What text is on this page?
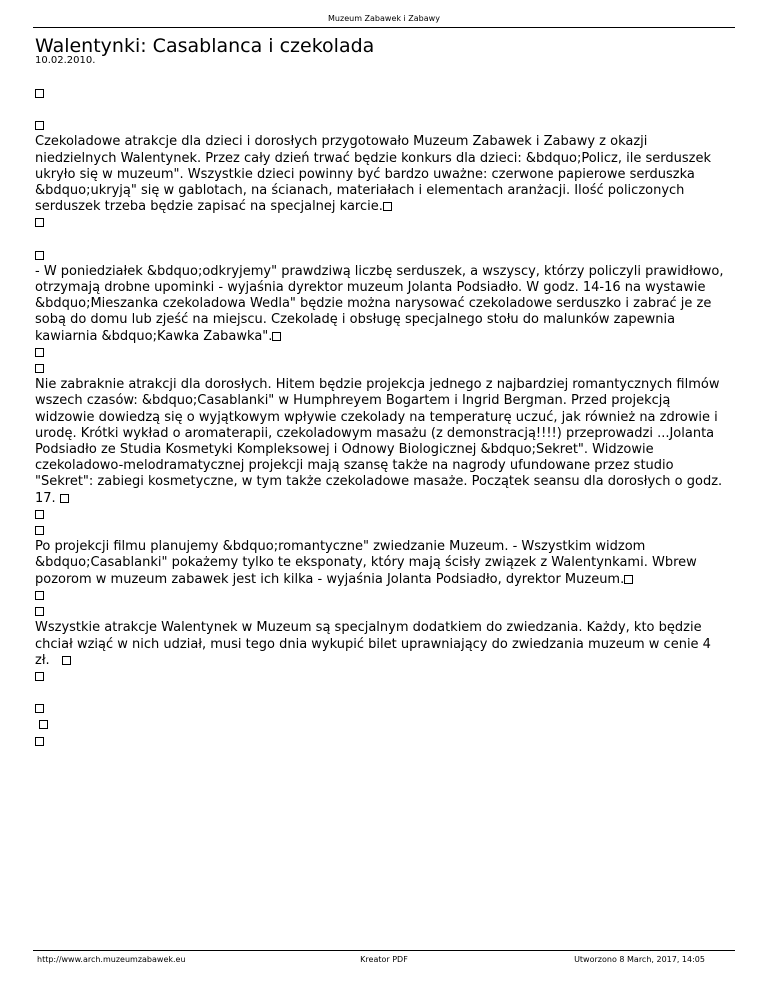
Muzeum Zabawek i Zabawy
Walentynki: Casablanca i czekolada
10.02.2010.
Czekoladowe atrakcje dla dzieci i dorosłych przygotowało Muzeum Zabawek i Zabawy z okazji
niedzielnych Walentynek. Przez cały dzień trwać będzie konkurs dla dzieci: &bdquo;Policz, ile serduszek
ukryło się w muzeum". Wszystkie dzieci powinny być bardzo uważne: czerwone papierowe serduszka
&bdquo;ukryją" się w gablotach, na ścianach, materiałach i elementach aranżacji. Ilość policzonych
serduszek trzeba będzie zapisać na specjalnej karcie.
- W poniedziałek &bdquo;odkryjemy" prawdziwą liczbę serduszek, a wszyscy, którzy policzyli prawidłowo,
otrzymają drobne upominki - wyjaśnia dyrektor muzeum Jolanta Podsiadło. W godz. 14-16 na wystawie
&bdquo;Mieszanka czekoladowa Wedla" będzie można narysować czekoladowe serduszko i zabrać je ze
sobą do domu lub zjeść na miejscu. Czekoladę i obsługę specjalnego stołu do malunków zapewnia
kawiarnia &bdquo;Kawka Zabawka".
Nie zabraknie atrakcji dla dorosłych. Hitem będzie projekcja jednego z najbardziej romantycznych filmów
wszech czasów: &bdquo;Casablanki" w Humphreyem Bogartem i Ingrid Bergman. Przed projekcją
widzowie dowiedzą się o wyjątkowym wpływie czekolady na temperaturę uczuć, jak również na zdrowie i
urodę. Krótki wykład o aromaterapii, czekoladowym masażu (z demonstracją!!!!) przeprowadzi ...Jolanta
Podsiadło ze Studia Kosmetyki Kompleksowej i Odnowy Biologicznej &bdquo;Sekret". Widzowie
czekoladowo-melodramatycznej projekcji mają szansę także na nagrody ufundowane przez studio
"Sekret": zabiegi kosmetyczne, w tym także czekoladowe masaże. Początek seansu dla dorosłych o godz.
17.
Po projekcji filmu planujemy &bdquo;romantyczne" zwiedzanie Muzeum. - Wszystkim widzom
&bdquo;Casablanki" pokażemy tylko te eksponaty, który mają ścisły związek z Walentynkami. Wbrew
pozorom w muzeum zabawek jest ich kilka - wyjaśnia Jolanta Podsiadło, dyrektor Muzeum.
Wszystkie atrakcje Walentynek w Muzeum są specjalnym dodatkiem do zwiedzania. Każdy, kto będzie
chciał wziąć w nich udział, musi tego dnia wykupić bilet uprawniający do zwiedzania muzeum w cenie 4
zł.

http://www.arch.muzeumzabawek.eu	Kreator PDF	Utworzono 8 March, 2017, 14:05
